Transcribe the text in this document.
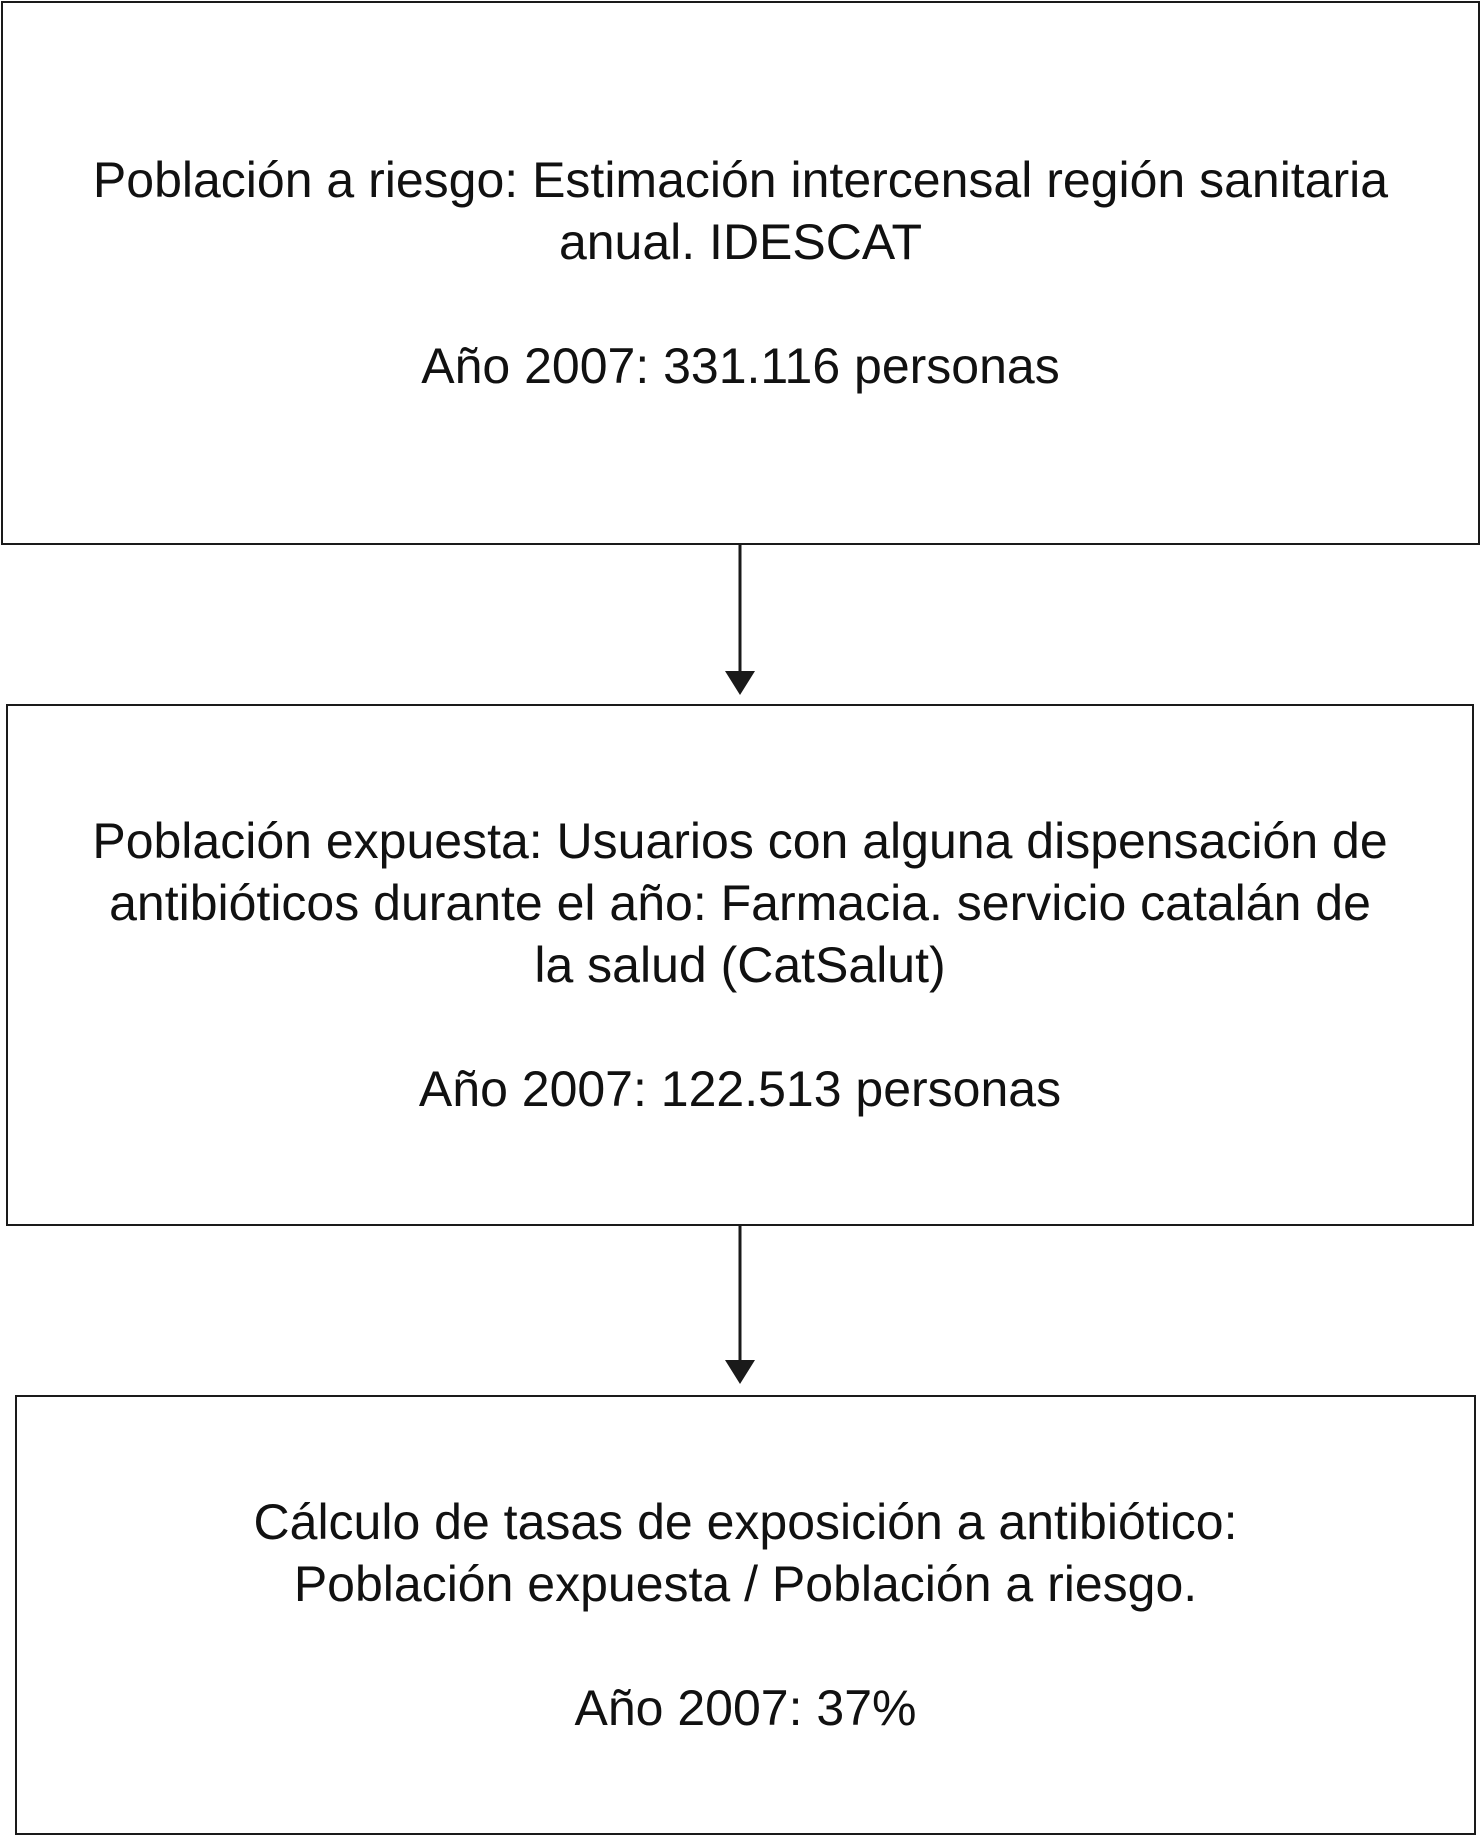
Población a riesgo: Estimación intercensal región sanitaria

anual. IDESCAT

Año 2007: 331.116 personas

Población expuesta: Usuarios con alguna dispensación de

antibióticos durante el año: Farmacia. servicio catalán de

la salud (CatSalut)

Año 2007: 122.513 personas

Cálculo de tasas de exposición a antibiótico:

Población expuesta / Población a riesgo.

Año 2007: 37%
